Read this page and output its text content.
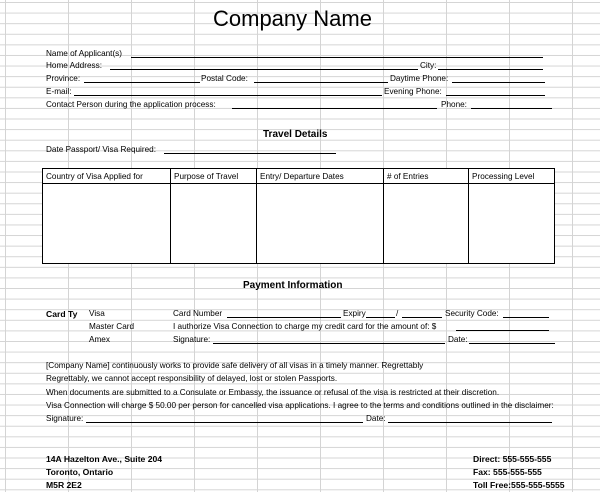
Company Name
Name of Applicant(s)
Home Address:	City:
Province:	Postal Code:	Daytime Phone:
E-mail:	Evening Phone:
Contact Person during the application process:	Phone:
Travel Details
Date Passport/ Visa Required:
Country of Visa Applied for	Purpose of Travel	Entry/ Departure Dates	# of Entries	Processing Level
Payment Information
Card Ty Visa
Master Card
Amex
Card Number	Expiry	/	Security Code:
I authorize Visa Connection to charge my credit card for the amount of: $
Signature:	Date:
[Company Name] continuously works to provide safe delivery of all visas in a timely manner. Regrettably
Regrettably, we cannot accept responsibility of delayed, lost or stolen Passports.
When documents are submitted to a Consulate or Embassy, the issuance or refusal of the visa is restricted at their discretion.
Visa Connection will charge $ 50.00 per person for cancelled visa applications. I agree to the terms and conditions outlined in the disclaimer:
Signature:	Date:
14A Hazelton Ave., Suite 204
Toronto, Ontario
M5R 2E2
Direct: 555-555-555
Fax: 555-555-555
Toll Free:555-555-5555
